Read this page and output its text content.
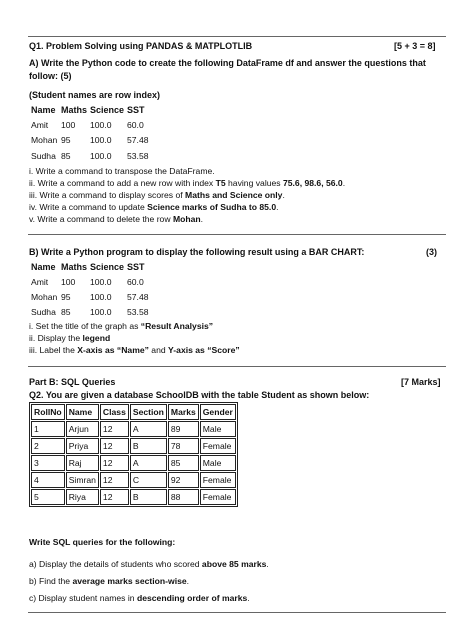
Q1. Problem Solving using PANDAS & MATPLOTLIB	[5 + 3 = 8]
A) Write the Python code to create the following DataFrame df and answer the questions that
follow: (5)
(Student names are row index)
Name Maths Science SST
Amit 100 100.0 60.0
Mohan 95 100.0 57.48
Sudha 85 100.0 53.58
i. Write a command to transpose the DataFrame.
ii. Write a command to add a new row with index T5 having values 75.6, 98.6, 56.0.
iii. Write a command to display scores of Maths and Science only.
iv. Write a command to update Science marks of Sudha to 85.0.
v. Write a command to delete the row Mohan.
B) Write a Python program to display the following result using a BAR CHART:	(3)
Name Maths Science SST
Amit 100 100.0 60.0
Mohan 95 100.0 57.48
Sudha 85 100.0 53.58
i. Set the title of the graph as “Result Analysis”
ii. Display the legend
iii. Label the X-axis as “Name” and Y-axis as “Score”
Part B: SQL Queries	[7 Marks]
Q2. You are given a database SchoolDB with the table Student as shown below:
RollNo	Name	Class	Section	Marks	Gender
1	Arjun	12	A	89	Male
2	Priya	12	B	78	Female
3	Raj	12	A	85	Male
4	Simran	12	C	92	Female
5	Riya	12	B	88	Female
Write SQL queries for the following:
a) Display the details of students who scored above 85 marks.
b) Find the average marks section-wise.
c) Display student names in descending order of marks.
